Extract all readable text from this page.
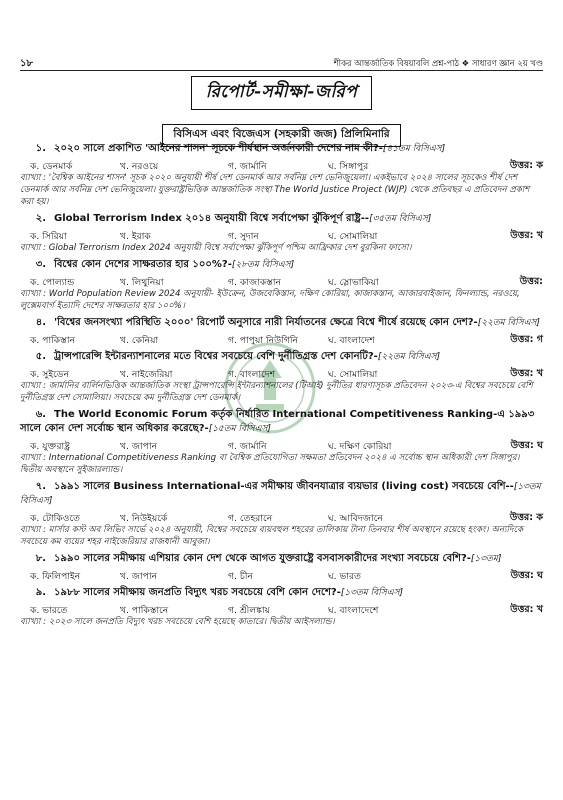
১৮	শীকর আন্তর্জাতিক বিষয়াবলি প্রশ্ন-পাঠ ❖ সাধারণ জ্ঞান ২য় খণ্ড
রিপোর্ট-সমীক্ষা-জরিপ
বিসিএস এবং বিজেএস (সহকারী জজ) প্রিলিমিনারি
১. ২০২০ সালে প্রকাশিত 'আইনের শাসন' সূচকে শীর্ষস্থান অর্জনকারী দেশের নাম কী?-[৪১তম বিসিএস]
ক. ডেনমার্ক	খ. নরওয়ে	গ. জার্মানি	ঘ. সিঙ্গাপুর	উত্তর: ক
ব্যাখ্যা : 'বৈশ্বিক আইনের শাসন' সূচক ২০২০ অনুযায়ী শীর্ষ দেশ ডেনমার্ক আর সর্বনিম্ন দেশ ভেনিজুয়েলা। একইভাবে ২০২৪ সালের সূচকেও শীর্ষ দেশ ডেনমার্ক আর সর্বনিম্ন দেশ ভেনিজুয়েলা। যুক্তরাষ্ট্রভিত্তিক আন্তর্জাতিক সংস্থা The World Justice Project (WJP) থেকে প্রতিবছর এ প্রতিবেদন প্রকাশ করা হয়।
২. Global Terrorism Index ২০১৪ অনুযায়ী বিশ্বে সর্বাপেক্ষা ঝুঁকিপূর্ণ রাষ্ট্র--[৩৫তম বিসিএস]
ক. সিরিয়া	খ. ইরাক	গ. সুদান	ঘ. সোমালিয়া	উত্তর: খ
ব্যাখ্যা : Global Terrorism Index 2024 অনুযায়ী বিশ্বে সর্বাপেক্ষা ঝুঁকিপূর্ণ পশ্চিম আফ্রিকার দেশ বুরকিনা ফাসো।
৩. বিশ্বের কোন দেশের সাক্ষরতার হার ১০০%?-[২৮তম বিসিএস]
ক. পোল্যান্ড	খ. লিথুনিয়া	গ. কাজাকস্তান	ঘ. স্লোভাকিয়া	উত্তর:
ব্যাখ্যা : World Population Review 2024 অনুযায়ী- ইউক্রেন, উজবেকিস্তান, দক্ষিণ কোরিয়া, কাজাকস্তান, আজারবাইজান, ফিনল্যান্ড, নরওয়ে, লুক্সেমবার্গ ইত্যাদি দেশের সাক্ষরতার হার ১০০%।
৪. 'বিশ্বের জনসংখ্যা পরিস্থিতি ২০০০' রিপোর্ট অনুসারে নারী নির্যাতনের ক্ষেত্রে বিশ্বে শীর্ষে রয়েছে কোন দেশ?-[২২তম বিসিএস]
ক. পাকিস্তান	খ. কেনিয়া	গ. পাপুয়া নিউগিনি	ঘ. বাংলাদেশ	উত্তর: গ
৫. ট্রান্সপারেন্সি ইন্টারন্যাশনালের মতে বিশ্বের সবচেয়ে বেশি দুর্নীতিগ্রস্ত দেশ কোনটি?-[২২তম বিসিএস]
ক. সুইডেন	খ. নাইজেরিয়া	গ. বাংলাদেশ	ঘ. সোমালিয়া	উত্তর: খ
ব্যাখ্যা : জার্মানির বার্লিনভিত্তিক আন্তর্জাতিক সংস্থা ট্রান্সপারেন্সি ইন্টারন্যাশনালের (টিআই) দুর্নীতির ধারণাসূচক প্রতিবেদন ২০২৩-এ বিশ্বের সবচেয়ে বেশি দুর্নীতিগ্রস্ত দেশ সোমালিয়া। সবচেয়ে কম দুর্নীতিগ্রস্ত দেশ ডেনমার্ক।
৬. The World Economic Forum কর্তৃক নির্ধারিত International Competitiveness Ranking-এ ১৯৯৩ সালে কোন দেশ সর্বোচ্চ স্থান অধিকার করেছে?-[১৫তম বিসিএস]
ক. যুক্তরাষ্ট্র	খ. জাপান	গ. জার্মানি	ঘ. দক্ষিণ কোরিয়া	উত্তর: ঘ
ব্যাখ্যা : International Competitiveness Ranking বা বৈশ্বিক প্রতিযোগিতা সক্ষমতা প্রতিবেদন ২০২৪ এ সর্বোচ্চ স্থান অধিকারী দেশ সিঙ্গাপুর। দ্বিতীয় অবস্থানে সুইজারল্যান্ড।
৭. ১৯৯১ সালের Business International-এর সমীক্ষায় জীবনযাত্রার ব্যয়ভার (living cost) সবচেয়ে বেশি--[১৩তম বিসিএস]
ক. টোকিওতে	খ. নিউইয়র্কে	গ. তেহরানে	ঘ. আবিদজানে	উত্তর: ক
ব্যাখ্যা : মার্সার কস্ট অব লিভিং সার্ভে ২০২৪ অনুযায়ী, বিশ্বের সবচেয়ে ব্যয়বহুল শহরের তালিকায় টানা তিনবার শীর্ষ অবস্থানে রয়েছে হংকং। অন্যদিকে সবচেয়ে কম ব্যয়ের শহর নাইজেরিয়ার রাজধানী আবুজা।
৮. ১৯৯০ সালের সমীক্ষায় এশিয়ার কোন দেশ থেকে আগত যুক্তরাষ্ট্রে বসবাসকারীদের সংখ্যা সবচেয়ে বেশি?-[১৩তম]
ক. ফিলিপাইন	খ. জাপান	গ. চীন	ঘ. ভারত	উত্তর: ঘ
৯. ১৯৮৮ সালের সমীক্ষায় জনপ্রতি বিদ্যুৎ খরচ সবচেয়ে বেশি কোন দেশে?-[১৩তম বিসিএস]
ক. ভারতে	খ. পাকিস্তানে	গ. শ্রীলঙ্কায়	ঘ. বাংলাদেশে	উত্তর: খ
ব্যাখ্যা : ২০২৩ সালে জনপ্রতি বিদ্যুৎ খরচ সবচেয়ে বেশি হয়েছে কাতারে। দ্বিতীয় আইসল্যান্ড।
